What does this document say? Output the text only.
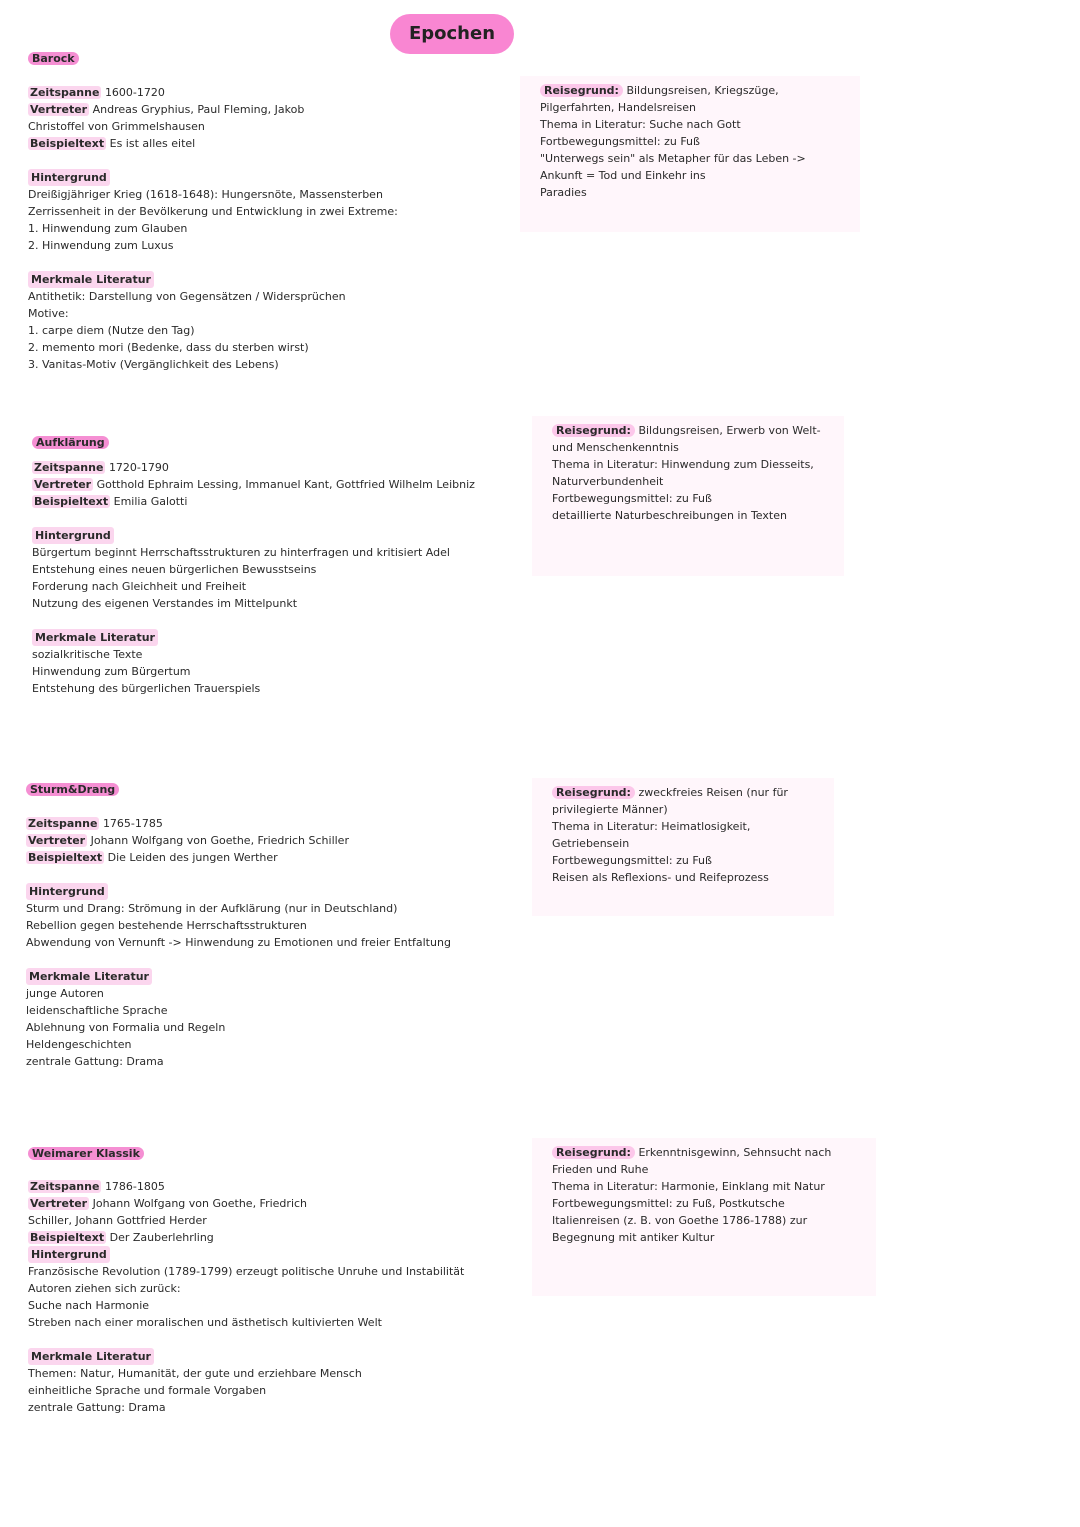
Epochen
Barock
Zeitspanne 1600-1720
Vertreter Andreas Gryphius, Paul Fleming, Jakob
Christoffel von Grimmelshausen
Beispieltext Es ist alles eitel
Hintergrund
Dreißigjähriger Krieg (1618-1648): Hungersnöte, Massensterben
Zerrissenheit in der Bevölkerung und Entwicklung in zwei Extreme:
1. Hinwendung zum Glauben
2. Hinwendung zum Luxus
Merkmale Literatur
Antithetik: Darstellung von Gegensätzen / Widersprüchen
Motive:
1. carpe diem (Nutze den Tag)
2. memento mori (Bedenke, dass du sterben wirst)
3. Vanitas-Motiv (Vergänglichkeit des Lebens)
Reisegrund: Bildungsreisen, Kriegszüge,
Pilgerfahrten, Handelsreisen
Thema in Literatur: Suche nach Gott
Fortbewegungsmittel: zu Fuß
"Unterwegs sein" als Metapher für das Leben ->
Ankunft = Tod und Einkehr ins
Paradies
Aufklärung
Zeitspanne 1720-1790
Vertreter Gotthold Ephraim Lessing, Immanuel Kant, Gottfried Wilhelm Leibniz
Beispieltext Emilia Galotti
Hintergrund
Bürgertum beginnt Herrschaftsstrukturen zu hinterfragen und kritisiert Adel
Entstehung eines neuen bürgerlichen Bewusstseins
Forderung nach Gleichheit und Freiheit
Nutzung des eigenen Verstandes im Mittelpunkt
Merkmale Literatur
sozialkritische Texte
Hinwendung zum Bürgertum
Entstehung des bürgerlichen Trauerspiels
Reisegrund: Bildungsreisen, Erwerb von Welt-
und Menschenkenntnis
Thema in Literatur: Hinwendung zum Diesseits,
Naturverbundenheit
Fortbewegungsmittel: zu Fuß
detaillierte Naturbeschreibungen in Texten
Sturm&Drang
Zeitspanne 1765-1785
Vertreter Johann Wolfgang von Goethe, Friedrich Schiller
Beispieltext Die Leiden des jungen Werther
Hintergrund
Sturm und Drang: Strömung in der Aufklärung (nur in Deutschland)
Rebellion gegen bestehende Herrschaftsstrukturen
Abwendung von Vernunft -> Hinwendung zu Emotionen und freier Entfaltung
Merkmale Literatur
junge Autoren
leidenschaftliche Sprache
Ablehnung von Formalia und Regeln
Heldengeschichten
zentrale Gattung: Drama
Reisegrund: zweckfreies Reisen (nur für
privilegierte Männer)
Thema in Literatur: Heimatlosigkeit,
Getriebensein
Fortbewegungsmittel: zu Fuß
Reisen als Reflexions- und Reifeprozess
Weimarer Klassik
Zeitspanne 1786-1805
Vertreter Johann Wolfgang von Goethe, Friedrich
Schiller, Johann Gottfried Herder
Beispieltext Der Zauberlehrling
Hintergrund
Französische Revolution (1789-1799) erzeugt politische Unruhe und Instabilität
Autoren ziehen sich zurück:
Suche nach Harmonie
Streben nach einer moralischen und ästhetisch kultivierten Welt
Merkmale Literatur
Themen: Natur, Humanität, der gute und erziehbare Mensch
einheitliche Sprache und formale Vorgaben
zentrale Gattung: Drama
Reisegrund: Erkenntnisgewinn, Sehnsucht nach
Frieden und Ruhe
Thema in Literatur: Harmonie, Einklang mit Natur
Fortbewegungsmittel: zu Fuß, Postkutsche
Italienreisen (z. B. von Goethe 1786-1788) zur
Begegnung mit antiker Kultur
